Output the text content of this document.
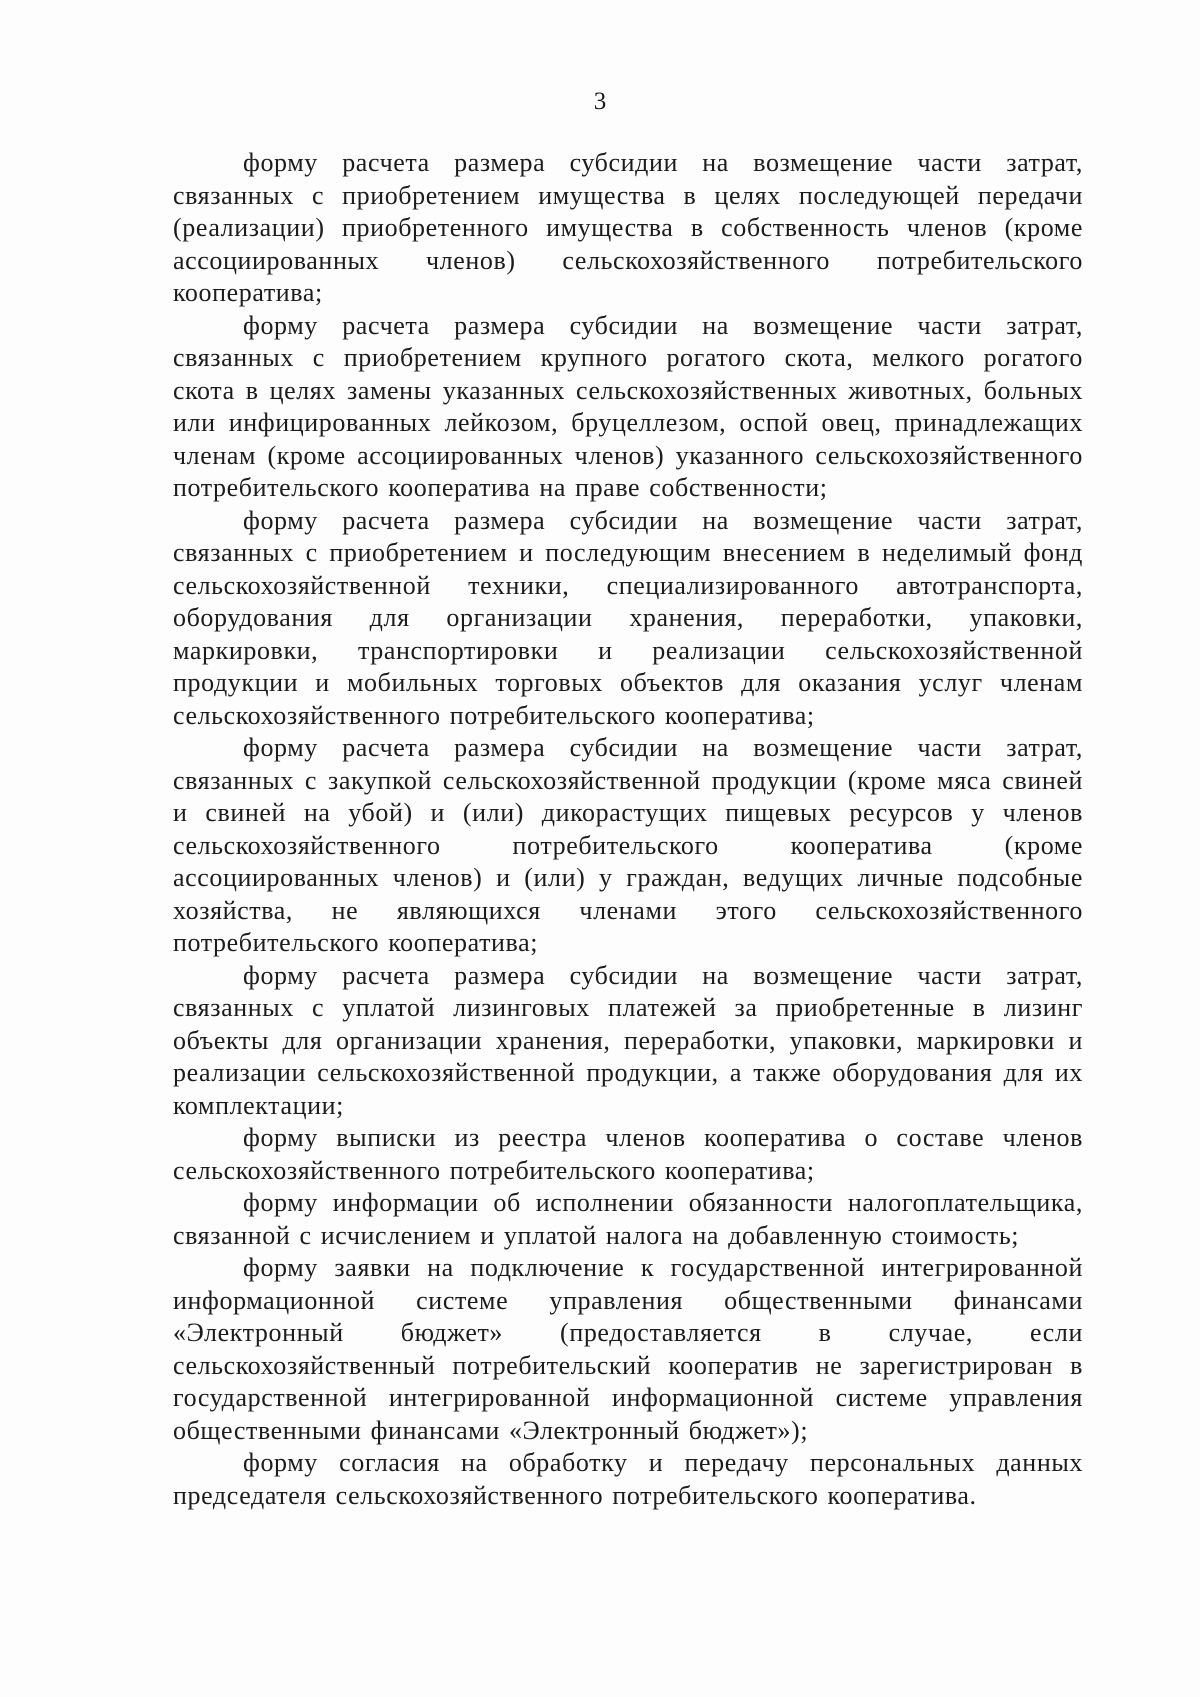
3

форму расчета размера субсидии на возмещение части затрат, связанных с приобретением имущества в целях последующей передачи (реализации) приобретенного имущества в собственность членов (кроме ассоциированных членов) сельскохозяйственного потребительского кооператива;

форму расчета размера субсидии на возмещение части затрат, связанных с приобретением крупного рогатого скота, мелкого рогатого скота в целях замены указанных сельскохозяйственных животных, больных или инфицированных лейкозом, бруцеллезом, оспой овец, принадлежащих членам (кроме ассоциированных членов) указанного сельскохозяйственного потребительского кооператива на праве собственности;

форму расчета размера субсидии на возмещение части затрат, связанных с приобретением и последующим внесением в неделимый фонд сельскохозяйственной техники, специализированного автотранспорта, оборудования для организации хранения, переработки, упаковки, маркировки, транспортировки и реализации сельскохозяйственной продукции и мобильных торговых объектов для оказания услуг членам сельскохозяйственного потребительского кооператива;

форму расчета размера субсидии на возмещение части затрат, связанных с закупкой сельскохозяйственной продукции (кроме мяса свиней и свиней на убой) и (или) дикорастущих пищевых ресурсов у членов сельскохозяйственного потребительского кооператива (кроме ассоциированных членов) и (или) у граждан, ведущих личные подсобные хозяйства, не являющихся членами этого сельскохозяйственного потребительского кооператива;

форму расчета размера субсидии на возмещение части затрат, связанных с уплатой лизинговых платежей за приобретенные в лизинг объекты для организации хранения, переработки, упаковки, маркировки и реализации сельскохозяйственной продукции, а также оборудования для их комплектации;

форму выписки из реестра членов кооператива о составе членов сельскохозяйственного потребительского кооператива;

форму информации об исполнении обязанности налогоплательщика, связанной с исчислением и уплатой налога на добавленную стоимость;

форму заявки на подключение к государственной интегрированной информационной системе управления общественными финансами «Электронный бюджет» (предоставляется в случае, если сельскохозяйственный потребительский кооператив не зарегистрирован в государственной интегрированной информационной системе управления общественными финансами «Электронный бюджет»);

форму согласия на обработку и передачу персональных данных председателя сельскохозяйственного потребительского кооператива.
